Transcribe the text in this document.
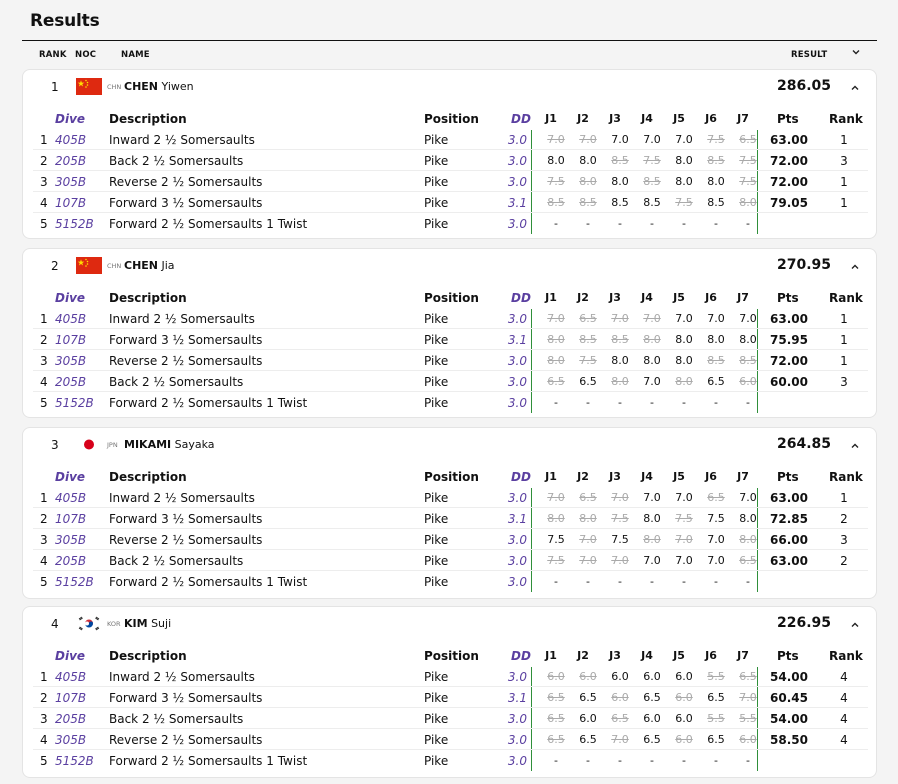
Results
RANK NOC	NAME	RESULT
1	CHN CHEN Yiwen	286.05
Dive Description	Position	DD	J1	J2	J3	J4	J5	J6	J7	Pts	Rank
1 405B Inward 2 ½ Somersaults	Pike	3.0	7.0	7.0	7.0	7.0	7.0	7.5	6.5	63.00	1
2 205B Back 2 ½ Somersaults	Pike	3.0	8.0	8.0	8.5	7.5	8.0	8.5	7.5	72.00	3
3 305B Reverse 2 ½ Somersaults	Pike	3.0	7.5	8.0	8.0	8.5	8.0	8.0	7.5	72.00	1
4 107B Forward 3 ½ Somersaults	Pike	3.1	8.5	8.5	8.5	8.5	7.5	8.5	8.0	79.05	1
5 5152B Forward 2 ½ Somersaults 1 Twist	Pike	3.0	-	-	-	-	-	-	-
2	CHN CHEN Jia	270.95
Dive Description	Position	DD	J1	J2	J3	J4	J5	J6	J7	Pts	Rank
1 405B Inward 2 ½ Somersaults	Pike	3.0	7.0	6.5	7.0	7.0	7.0	7.0	7.0	63.00	1
2 107B Forward 3 ½ Somersaults	Pike	3.1	8.0	8.5	8.5	8.0	8.0	8.0	8.0	75.95	1
3 305B Reverse 2 ½ Somersaults	Pike	3.0	8.0	7.5	8.0	8.0	8.0	8.5	8.5	72.00	1
4 205B Back 2 ½ Somersaults	Pike	3.0	6.5	6.5	8.0	7.0	8.0	6.5	6.0	60.00	3
5 5152B Forward 2 ½ Somersaults 1 Twist	Pike	3.0	-	-	-	-	-	-	-
3	JPN MIKAMI Sayaka	264.85
Dive Description	Position	DD	J1	J2	J3	J4	J5	J6	J7	Pts	Rank
1 405B Inward 2 ½ Somersaults	Pike	3.0	7.0	6.5	7.0	7.0	7.0	6.5	7.0	63.00	1
2 107B Forward 3 ½ Somersaults	Pike	3.1	8.0	8.0	7.5	8.0	7.5	7.5	8.0	72.85	2
3 305B Reverse 2 ½ Somersaults	Pike	3.0	7.5	7.0	7.5	8.0	7.0	7.0	8.0	66.00	3
4 205B Back 2 ½ Somersaults	Pike	3.0	7.5	7.0	7.0	7.0	7.0	7.0	6.5	63.00	2
5 5152B Forward 2 ½ Somersaults 1 Twist	Pike	3.0	-	-	-	-	-	-	-
4	KOR KIM Suji	226.95
Dive Description	Position	DD	J1	J2	J3	J4	J5	J6	J7	Pts	Rank
1 405B Inward 2 ½ Somersaults	Pike	3.0	6.0	6.0	6.0	6.0	6.0	5.5	6.5	54.00	4
2 107B Forward 3 ½ Somersaults	Pike	3.1	6.5	6.5	6.0	6.5	6.0	6.5	7.0	60.45	4
3 205B Back 2 ½ Somersaults	Pike	3.0	6.5	6.0	6.5	6.0	6.0	5.5	5.5	54.00	4
4 305B Reverse 2 ½ Somersaults	Pike	3.0	6.5	6.5	7.0	6.5	6.0	6.5	6.0	58.50	4
5 5152B Forward 2 ½ Somersaults 1 Twist	Pike	3.0	-	-	-	-	-	-	-
